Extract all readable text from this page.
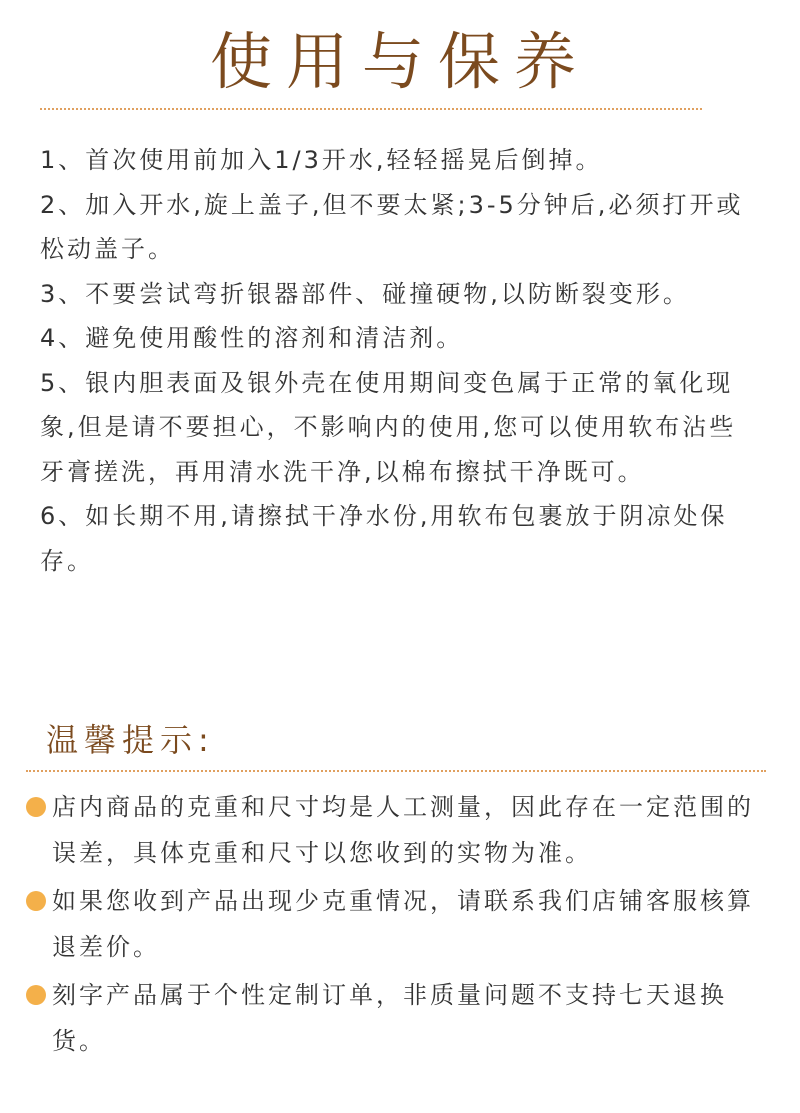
使用与保养
1、首次使用前加入1/3开水,轻轻摇晃后倒掉。
2、加入开水,旋上盖子,但不要太紧;3-5分钟后,必须打开或松动盖子。
3、不要尝试弯折银器部件、碰撞硬物,以防断裂变形。
4、避免使用酸性的溶剂和清洁剂。
5、银内胆表面及银外壳在使用期间变色属于正常的氧化现象,但是请不要担心，不影响内的使用,您可以使用软布沾些牙膏搓洗，再用清水洗干净,以棉布擦拭干净既可。
6、如长期不用,请擦拭干净水份,用软布包裹放于阴凉处保存。
温馨提示:
店内商品的克重和尺寸均是人工测量，因此存在一定范围的误差，具体克重和尺寸以您收到的实物为准。
如果您收到产品出现少克重情况，请联系我们店铺客服核算退差价。
刻字产品属于个性定制订单，非质量问题不支持七天退换货。
